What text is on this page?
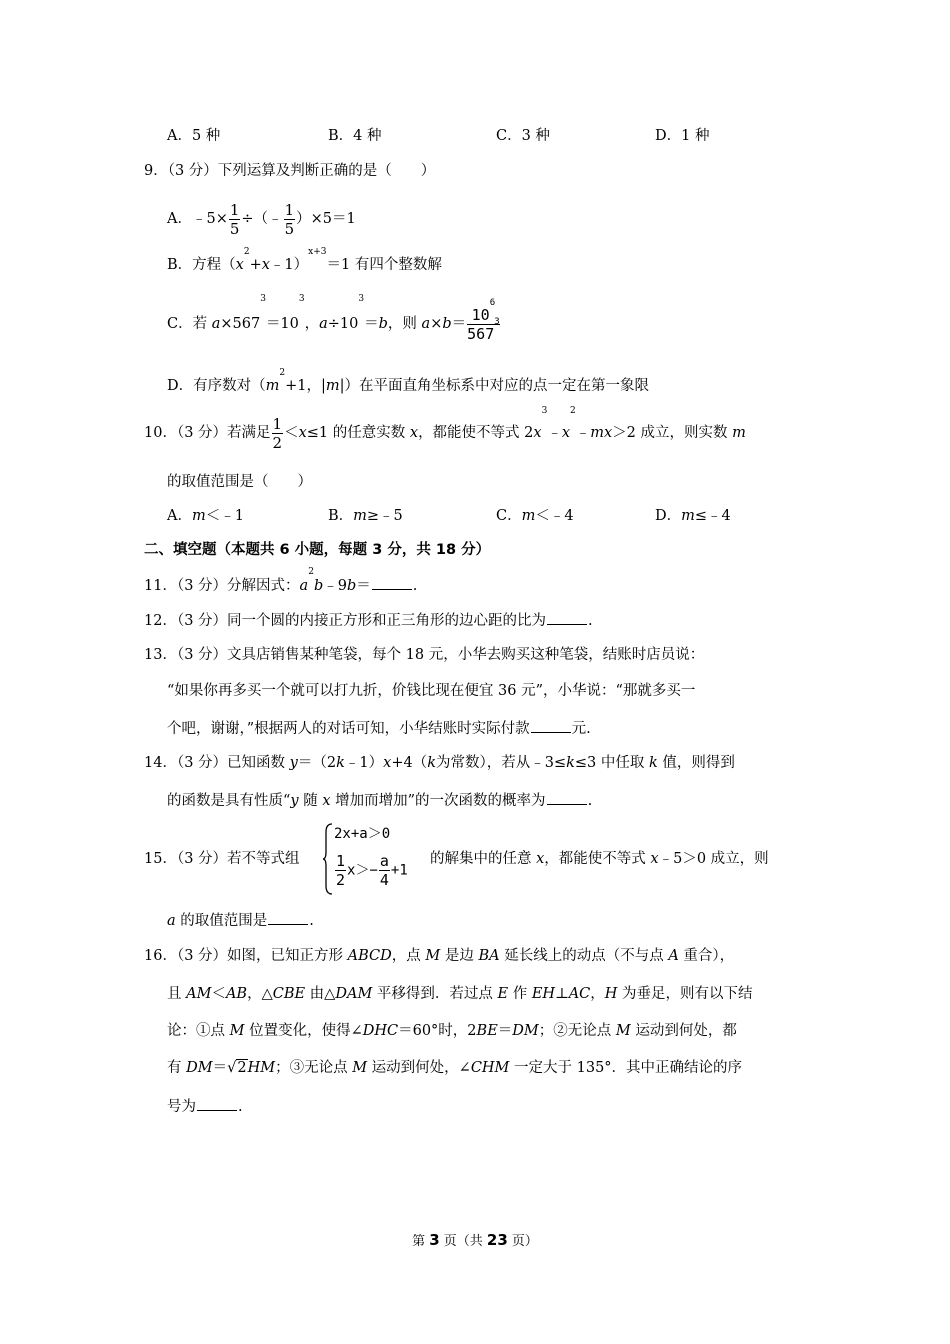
A．5 种	B．4 种	C．3 种	D．1 种
9．（3 分）下列运算及判断正确的是（　　）
A．﹣5× $\frac{1}{5}$ ÷（﹣ $\frac{1}{5} )\times 5=1$
B．方程$(x^2+x﹣1)^{x+3}=1$ 有四个整数解
C．若 $a\times 567^3=10^3$，$a\div 10^3=b$，则 $a\times b= \frac{10^6}{567^3}$
D．有序数对（$m^2+1$，|m|）在平面直角坐标系中对应的点一定在第一象限
10．（3 分）若满足 $\frac{1}{2} <x\le 1$ 的任意实数 x，都能使不等式 $2x^3﹣x^2﹣mx>2$ 成立，则实数 m
的取值范围是（　　）
A．m＜﹣1	B．m≥﹣5	C．m＜﹣4	D．m≤﹣4
二、填空题（本题共 6 小题，每题 3 分，共 18 分）
11．（3 分）分解因式：$a^2b﹣9b=$	.
12．（3 分）同一个圆的内接正方形和正三角形的边心距的比为	.
13．（3 分）文具店销售某种笔袋，每个 18 元，小华去购买这种笔袋，结账时店员说：
“如果你再多买一个就可以打九折，价钱比现在便宜 36 元”，小华说：“那就多买一
个吧，谢谢，”根据两人的对话可知，小华结账时实际付款	元.
14．（3 分）已知函数 y＝（2k﹣1）x+4（k为常数），若从﹣3≤k≤3 中任取 k 值，则得到
的函数是具有性质“y 随 x 增加而增加”的一次函数的概率为	.
15．（3 分）若不等式组
2x+a＞0
$\frac{1}{2} x>- \frac{a}{4} +1$
的解集中的任意 x，都能使不等式 x﹣5＞0 成立，则
a 的取值范围是	.
16．（3 分）如图，已知正方形 ABCD，点 M 是边 BA 延长线上的动点（不与点 A 重合），
且 AM＜AB，△CBE 由△DAM 平移得到．若过点 E 作 EH⊥AC，H 为垂足，则有以下结
论：①点 M 位置变化，使得∠DHC＝60°时，2BE＝DM；②无论点 M 运动到何处，都
有 DM＝√2HM；③无论点 M 运动到何处，∠CHM 一定大于 135°．其中正确结论的序
号为	.
第 3 页（共 23 页）
